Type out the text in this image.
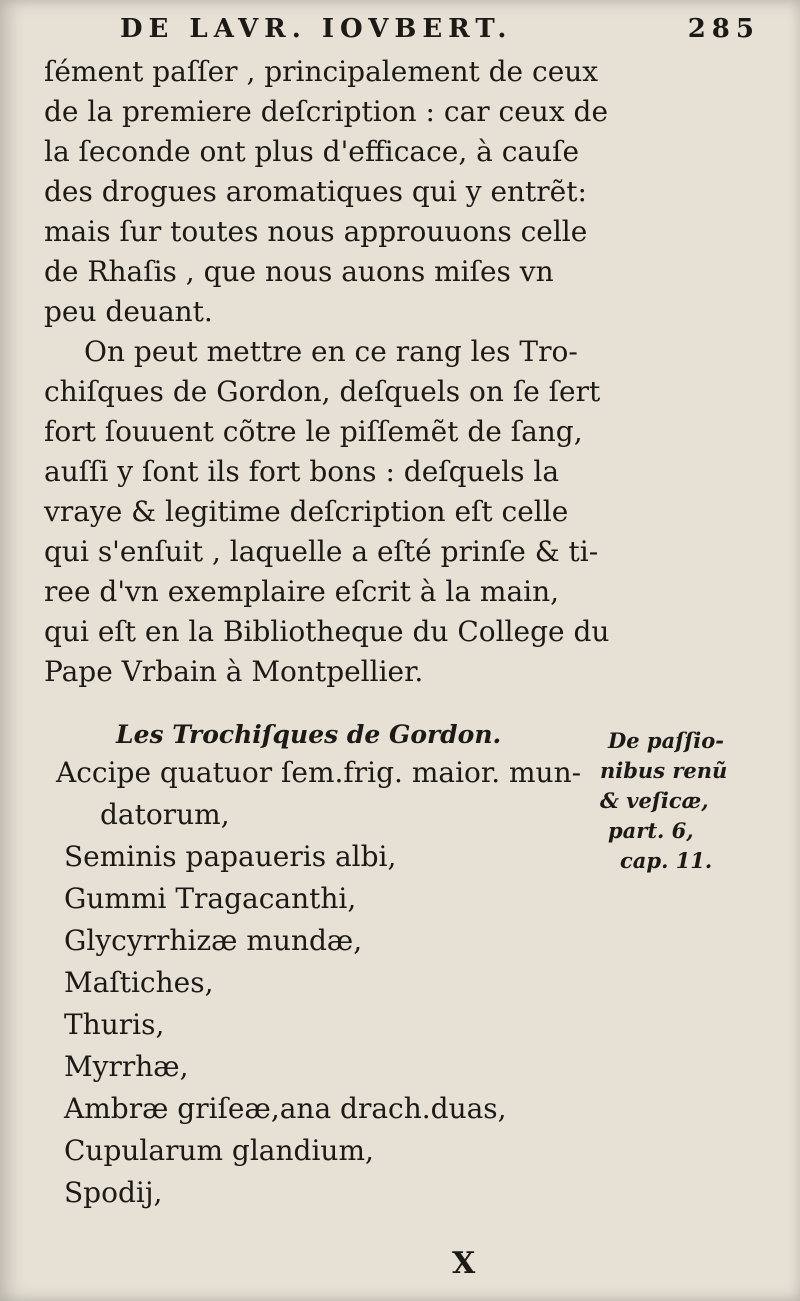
DE LAVR. IOVBERT.	285
ſément paſſer , principalement de ceux
de la premiere deſcription : car ceux de
la ſeconde ont plus d'efficace, à cauſe
des drogues aromatiques qui y entrẽt:
mais ſur toutes nous approuuons celle
de Rhaſis , que nous auons miſes vn
peu deuant.
On peut mettre en ce rang les Tro-
chiſques de Gordon, deſquels on ſe ſert
fort ſouuent cõtre le piſſemẽt de ſang,
auſſi y ſont ils fort bons : deſquels la
vraye & legitime deſcription eſt celle
qui s'enſuit , laquelle a eſté prinſe & ti-
ree d'vn exemplaire eſcrit à la main,
qui eſt en la Bibliotheque du College du
Pape Vrbain à Montpellier.
Les Trochiſques de Gordon.
Accipe quatuor ſem.frig. maior. mun-
datorum,
Seminis papaueris albi,
Gummi Tragacanthi,
Glycyrrhizæ mundæ,
Maſtiches,
Thuris,
Myrrhæ,
Ambræ griſeæ,ana drach.duas,
Cupularum glandium,
Spodij,
De paſſio-
nibus renũ
& veſicæ,
part. 6,
cap. 11.
X
